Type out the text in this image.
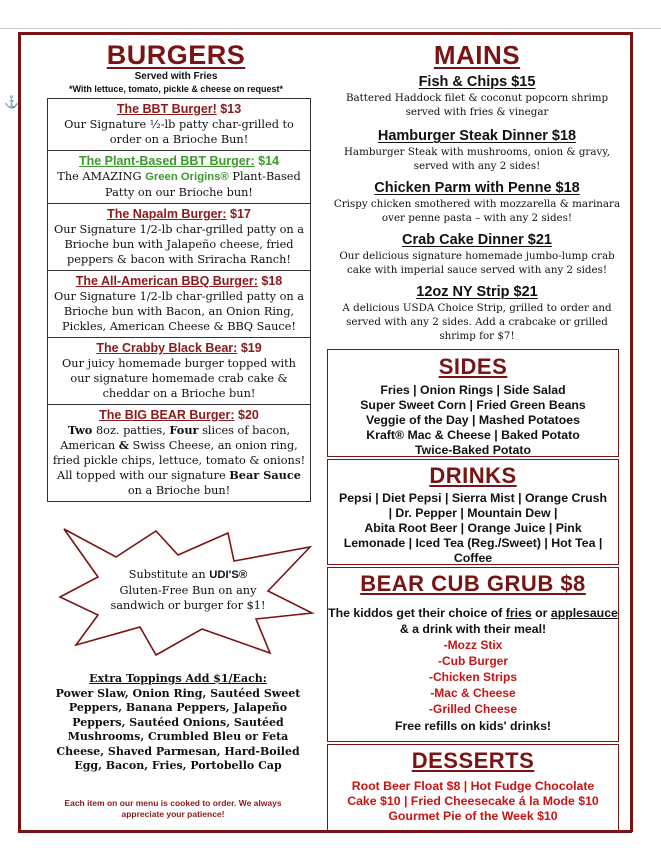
⚓
BURGERS
Served with Fries
*With lettuce, tomato, pickle & cheese on request*
The BBT Burger! $13
Our Signature ½-lb patty char-grilled to order on a Brioche Bun!
The Plant-Based BBT Burger: $14
The AMAZING Green Origins® Plant-Based Patty on our Brioche bun!
The Napalm Burger: $17
Our Signature 1/2-lb char-grilled patty on a Brioche bun with Jalapeño cheese, fried peppers & bacon with Sriracha Ranch!
The All-American BBQ Burger: $18
Our Signature 1/2-lb char-grilled patty on a Brioche bun with Bacon, an Onion Ring, Pickles, American Cheese & BBQ Sauce!
The Crabby Black Bear: $19
Our juicy homemade burger topped with our signature homemade crab cake & cheddar on a Brioche bun!
The BIG BEAR Burger: $20
Two 8oz. patties, Four slices of bacon, American & Swiss Cheese, an onion ring, fried pickle chips, lettuce, tomato & onions! All topped with our signature Bear Sauce on a Brioche bun!
Substitute an UDI'S® Gluten-Free Bun on any sandwich or burger for $1!
Extra Toppings Add $1/Each:
Power Slaw, Onion Ring, Sautéed Sweet Peppers, Banana Peppers, Jalapeño Peppers, Sautéed Onions, Sautéed Mushrooms, Crumbled Bleu or Feta Cheese, Shaved Parmesan, Hard-Boiled Egg, Bacon, Fries, Portobello Cap
Each item on our menu is cooked to order. We always appreciate your patience!
MAINS
Fish & Chips $15
Battered Haddock filet & coconut popcorn shrimp served with fries & vinegar
Hamburger Steak Dinner $18
Hamburger Steak with mushrooms, onion & gravy, served with any 2 sides!
Chicken Parm with Penne $18
Crispy chicken smothered with mozzarella & marinara over penne pasta – with any 2 sides!
Crab Cake Dinner $21
Our delicious signature homemade jumbo-lump crab cake with imperial sauce served with any 2 sides!
12oz NY Strip $21
A delicious USDA Choice Strip, grilled to order and served with any 2 sides. Add a crabcake or grilled shrimp for $7!
SIDES
Fries | Onion Rings | Side Salad
Super Sweet Corn | Fried Green Beans
Veggie of the Day | Mashed Potatoes
Kraft® Mac & Cheese | Baked Potato
Twice-Baked Potato
DRINKS
Pepsi | Diet Pepsi | Sierra Mist | Orange Crush
| Dr. Pepper | Mountain Dew |
Abita Root Beer | Orange Juice | Pink
Lemonade | Iced Tea (Reg./Sweet) | Hot Tea |
Coffee
BEAR CUB GRUB $8
The kiddos get their choice of fries or applesauce & a drink with their meal!
-Mozz Stix
-Cub Burger
-Chicken Strips
-Mac & Cheese
-Grilled Cheese
Free refills on kids' drinks!
DESSERTS
Root Beer Float $8 | Hot Fudge Chocolate
Cake $10 | Fried Cheesecake á la Mode $10
Gourmet Pie of the Week $10
